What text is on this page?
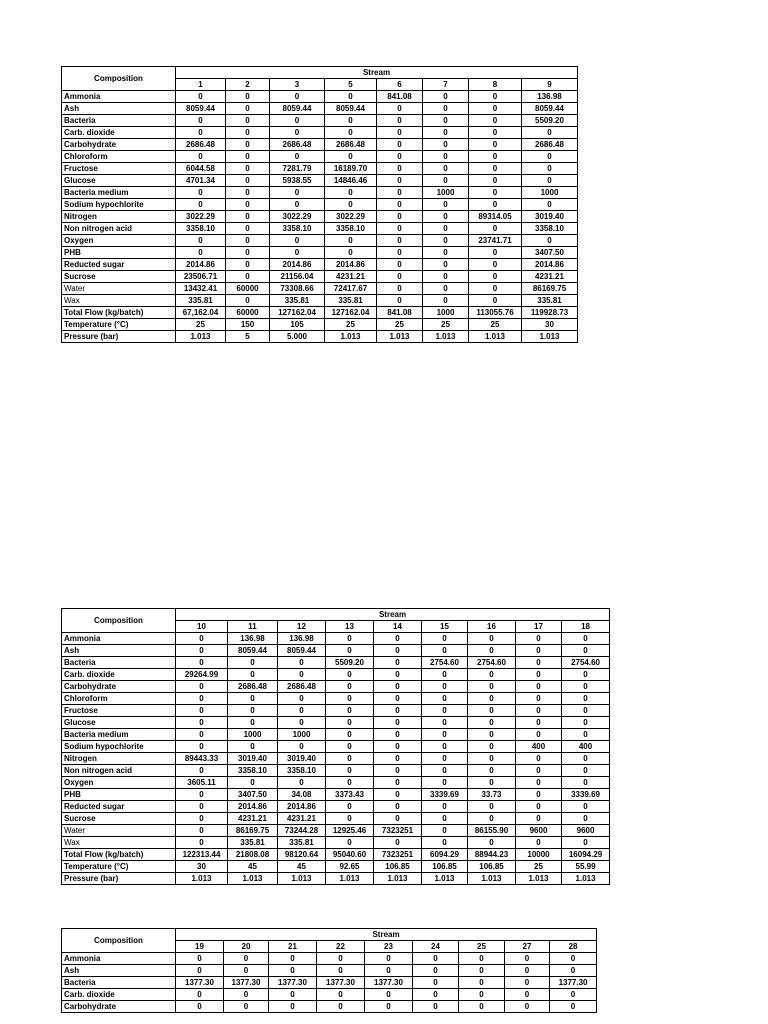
Composition	Stream							
	1	2	3	5	6	7	8	9
Ammonia	0	0	0	0	841.08	0	0	136.98
Ash	8059.44	0	8059.44	8059.44	0	0	0	8059.44
Bacteria	0	0	0	0	0	0	0	5509.20
Carb. dioxide	0	0	0	0	0	0	0	0
Carbohydrate	2686.48	0	2686.48	2686.48	0	0	0	2686.48
Chloroform	0	0	0	0	0	0	0	0
Fructose	6044.58	0	7281.79	16189.70	0	0	0	0
Glucose	4701.34	0	5938.55	14846.46	0	0	0	0
Bacteria medium	0	0	0	0	0	1000	0	1000
Sodium hypochlorite	0	0	0	0	0	0	0	0
Nitrogen	3022.29	0	3022.29	3022.29	0	0	89314.05	3019.40
Non nitrogen acid	3358.10	0	3358.10	3358.10	0	0	0	3358.10
Oxygen	0	0	0	0	0	0	23741.71	0
PHB	0	0	0	0	0	0	0	3407.50
Reducted sugar	2014.86	0	2014.86	2014.86	0	0	0	2014.86
Sucrose	23506.71	0	21156.04	4231.21	0	0	0	4231.21
Water	13432.41	60000	73308.66	72417.67	0	0	0	86169.75
Wax	335.81	0	335.81	335.81	0	0	0	335.81
Total Flow (kg/batch)	67,162.04	60000	127162.04	127162.04	841.08	1000	113055.76	119928.73
Temperature (°C)	25	150	105	25	25	25	25	30
Pressure (bar)	1.013	5	5.000	1.013	1.013	1.013	1.013	1.013
Composition	Stream								
	10	11	12	13	14	15	16	17	18
Ammonia	0	136.98	136.98	0	0	0	0	0	0
Ash	0	8059.44	8059.44	0	0	0	0	0	0
Bacteria	0	0	0	5509.20	0	2754.60	2754.60	0	2754.60
Carb. dioxide	29264.99	0	0	0	0	0	0	0	0
Carbohydrate	0	2686.48	2686.48	0	0	0	0	0	0
Chloroform	0	0	0	0	0	0	0	0	0
Fructose	0	0	0	0	0	0	0	0	0
Glucose	0	0	0	0	0	0	0	0	0
Bacteria medium	0	1000	1000	0	0	0	0	0	0
Sodium hypochlorite	0	0	0	0	0	0	0	400	400
Nitrogen	89443.33	3019.40	3019.40	0	0	0	0	0	0
Non nitrogen acid	0	3358.10	3358.10	0	0	0	0	0	0
Oxygen	3605.11	0	0	0	0	0	0	0	0
PHB	0	3407.50	34.08	3373.43	0	3339.69	33.73	0	3339.69
Reducted sugar	0	2014.86	2014.86	0	0	0	0	0	0
Sucrose	0	4231.21	4231.21	0	0	0	0	0	0
Water	0	86169.75	73244.28	12925.46	7323251	0	86155.90	9600	9600
Wax	0	335.81	335.81	0	0	0	0	0	0
Total Flow (kg/batch)	122313.44	21808.08	98120.64	95040.60	7323251	6094.29	88944.23	10000	16094.29
Temperature (°C)	30	45	45	92.65	106.85	106.85	106.85	25	55.99
Pressure (bar)	1.013	1.013	1.013	1.013	1.013	1.013	1.013	1.013	1.013
Composition	Stream								
	19	20	21	22	23	24	25	27	28
Ammonia	0	0	0	0	0	0	0	0	0
Ash	0	0	0	0	0	0	0	0	0
Bacteria	1377.30	1377.30	1377.30	1377.30	1377.30	0	0	0	1377.30
Carb. dioxide	0	0	0	0	0	0	0	0	0
Carbohydrate	0	0	0	0	0	0	0	0	0
